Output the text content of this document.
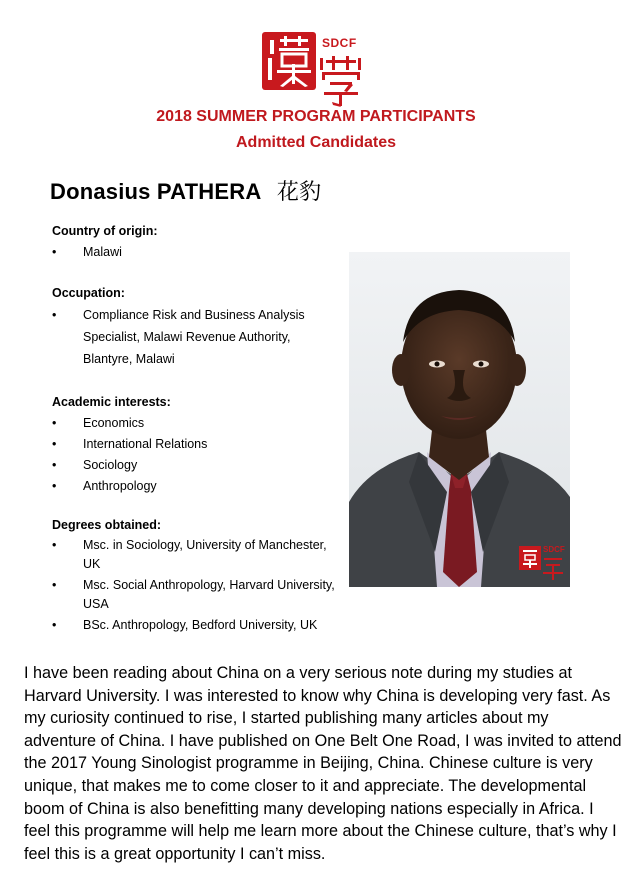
SDCF
2018 SUMMER PROGRAM PARTICIPANTS
Admitted Candidates
Donasius PATHERA 花豹
Country of origin:
• Malawi
Occupation:
• Compliance Risk and Business Analysis Specialist, Malawi Revenue Authority, Blantyre, Malawi
Academic interests:
• Economics
• International Relations
• Sociology
• Anthropology
Degrees obtained:
• Msc. in Sociology, University of Manchester, UK
• Msc. Social Anthropology, Harvard University, USA
• BSc. Anthropology, Bedford University, UK
SDCF
I have been reading about China on a very serious note during my studies at Harvard University. I was interested to know why China is developing very fast. As my curiosity continued to rise, I started publishing many articles about my adventure of China. I have published on One Belt One Road, I was invited to attend the 2017 Young Sinologist programme in Beijing, China. Chinese culture is very unique, that makes me to come closer to it and appreciate. The developmental boom of China is also benefitting many developing nations especially in Africa. I feel this programme will help me learn more about the Chinese culture, that’s why I feel this is a great opportunity I can’t miss.
